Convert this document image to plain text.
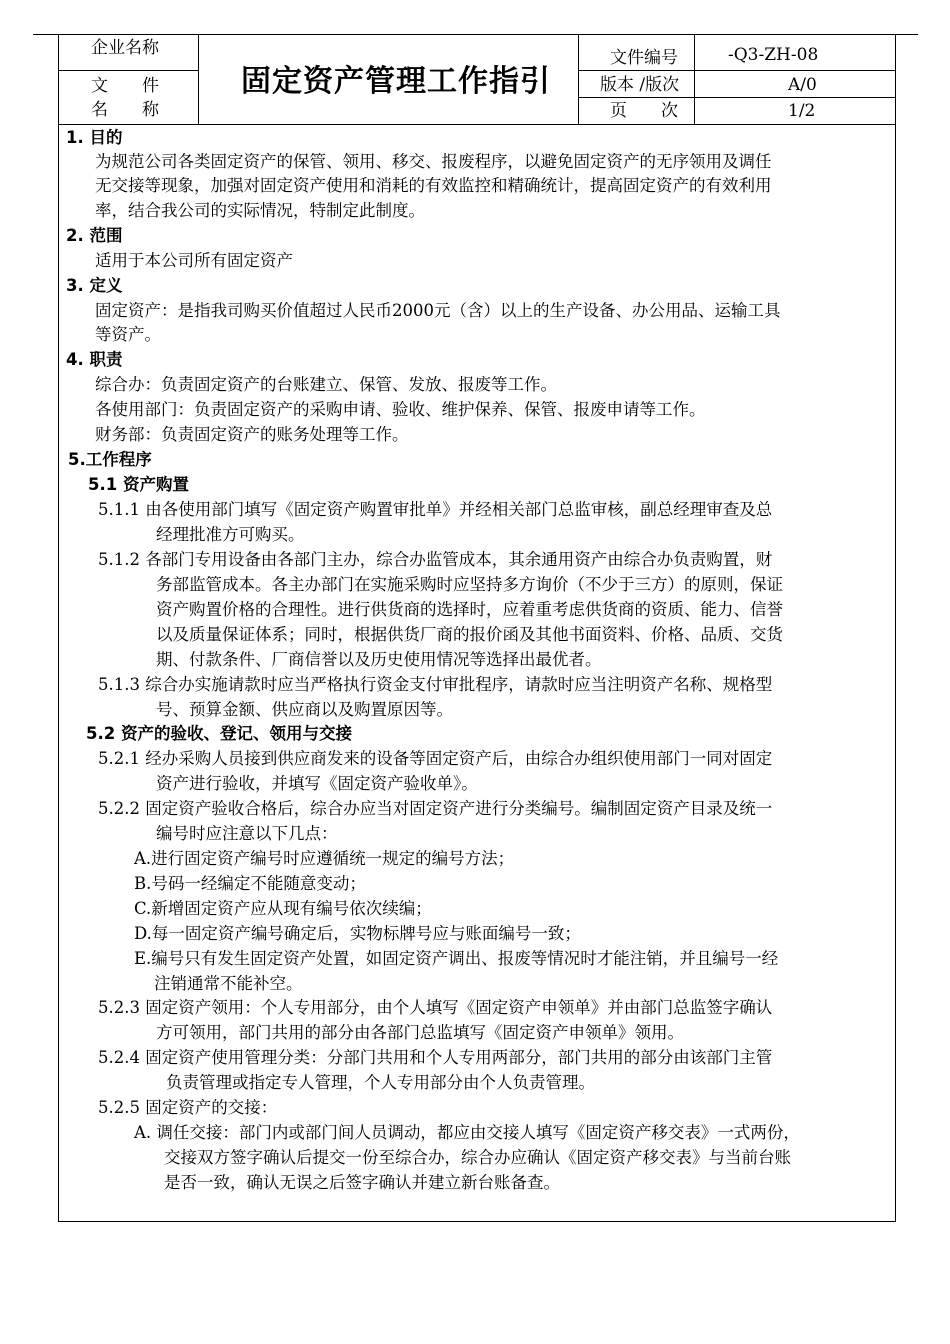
企业名称
文　　件
名　　称
固定资产管理工作指引
文件编号	-Q3-ZH-08
版本 /版次	A/0
页　　次	1/2
1. 目的
为规范公司各类固定资产的保管、领用、移交、报废程序，以避免固定资产的无序领用及调任
无交接等现象，加强对固定资产使用和消耗的有效监控和精确统计，提高固定资产的有效利用
率，结合我公司的实际情况，特制定此制度。
2. 范围
适用于本公司所有固定资产
3. 定义
固定资产：是指我司购买价值超过人民币2000元（含）以上的生产设备、办公用品、运输工具
等资产。
4. 职责
综合办：负责固定资产的台账建立、保管、发放、报废等工作。
各使用部门：负责固定资产的采购申请、验收、维护保养、保管、报废申请等工作。
财务部：负责固定资产的账务处理等工作。
5.工作程序
5.1 资产购置
5.1.1 由各使用部门填写《固定资产购置审批单》并经相关部门总监审核，副总经理审查及总
经理批准方可购买。
5.1.2 各部门专用设备由各部门主办，综合办监管成本，其余通用资产由综合办负责购置，财
务部监管成本。各主办部门在实施采购时应坚持多方询价（不少于三方）的原则，保证
资产购置价格的合理性。进行供货商的选择时，应着重考虑供货商的资质、能力、信誉
以及质量保证体系；同时，根据供货厂商的报价函及其他书面资料、价格、品质、交货
期、付款条件、厂商信誉以及历史使用情况等选择出最优者。
5.1.3 综合办实施请款时应当严格执行资金支付审批程序，请款时应当注明资产名称、规格型
号、预算金额、供应商以及购置原因等。
5.2 资产的验收、登记、领用与交接
5.2.1 经办采购人员接到供应商发来的设备等固定资产后，由综合办组织使用部门一同对固定
资产进行验收，并填写《固定资产验收单》。
5.2.2 固定资产验收合格后，综合办应当对固定资产进行分类编号。编制固定资产目录及统一
编号时应注意以下几点：
A.进行固定资产编号时应遵循统一规定的编号方法；
B.号码一经编定不能随意变动；
C.新增固定资产应从现有编号依次续编；
D.每一固定资产编号确定后，实物标牌号应与账面编号一致；
E.编号只有发生固定资产处置，如固定资产调出、报废等情况时才能注销，并且编号一经
注销通常不能补空。
5.2.3 固定资产领用：个人专用部分，由个人填写《固定资产申领单》并由部门总监签字确认
方可领用，部门共用的部分由各部门总监填写《固定资产申领单》领用。
5.2.4 固定资产使用管理分类：分部门共用和个人专用两部分，部门共用的部分由该部门主管
负责管理或指定专人管理，个人专用部分由个人负责管理。
5.2.5 固定资产的交接：
A. 调任交接：部门内或部门间人员调动，都应由交接人填写《固定资产移交表》一式两份，
交接双方签字确认后提交一份至综合办，综合办应确认《固定资产移交表》与当前台账
是否一致，确认无误之后签字确认并建立新台账备查。
